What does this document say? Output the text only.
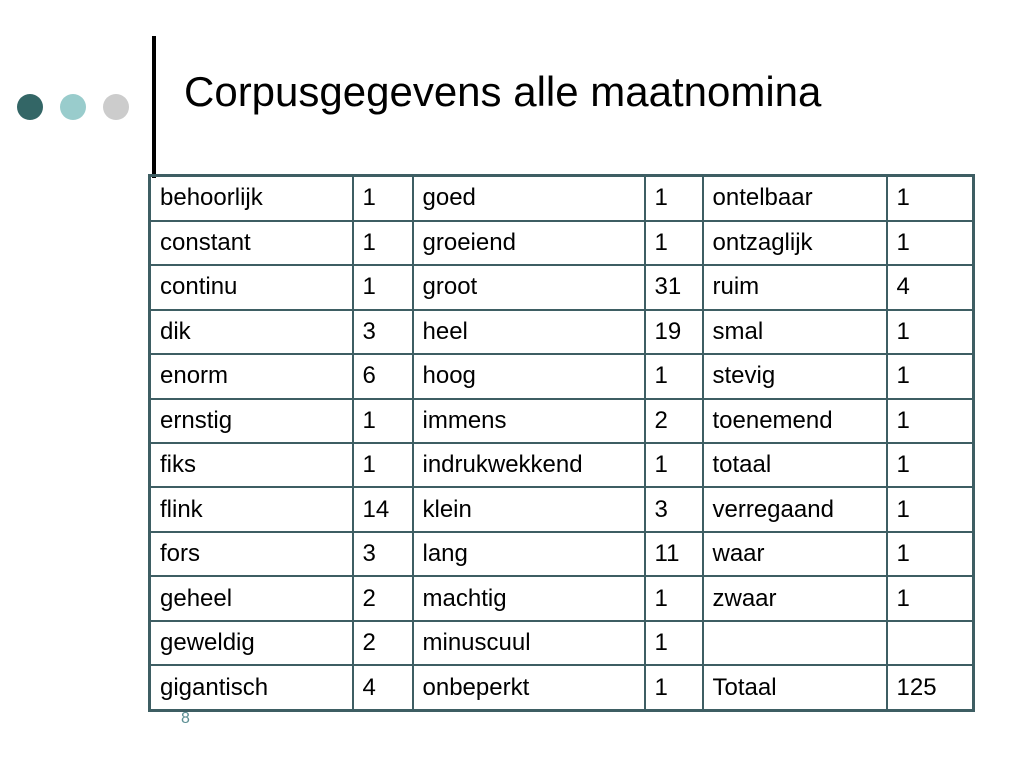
Corpusgegevens alle maatnomina
behoorlijk	1	goed	1	ontelbaar	1
constant	1	groeiend	1	ontzaglijk	1
continu	1	groot	31	ruim	4
dik	3	heel	19	smal	1
enorm	6	hoog	1	stevig	1
ernstig	1	immens	2	toenemend	1
fiks	1	indrukwekkend	1	totaal	1
flink	14	klein	3	verregaand	1
fors	3	lang	11	waar	1
geheel	2	machtig	1	zwaar	1
geweldig	2	minuscuul	1		
gigantisch	4	onbeperkt	1	Totaal	125
8
